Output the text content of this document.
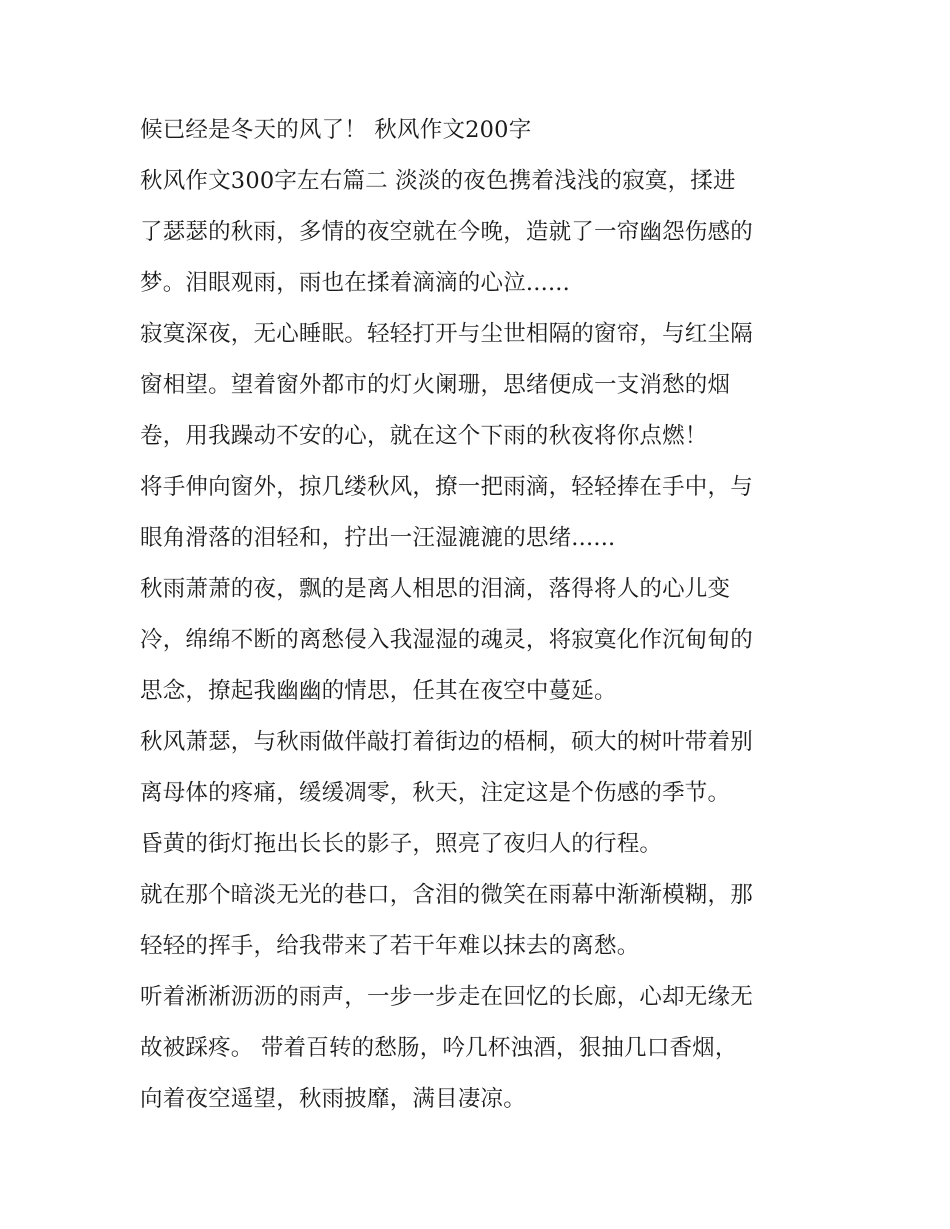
候已经是冬天的风了！ 秋风作文200字
秋风作文300字左右篇二 淡淡的夜色携着浅浅的寂寞，揉进
了瑟瑟的秋雨，多情的夜空就在今晚，造就了一帘幽怨伤感的
梦。泪眼观雨，雨也在揉着滴滴的心泣......
寂寞深夜，无心睡眠。轻轻打开与尘世相隔的窗帘，与红尘隔
窗相望。望着窗外都市的灯火阑珊，思绪便成一支消愁的烟
卷，用我躁动不安的心，就在这个下雨的秋夜将你点燃！
将手伸向窗外，掠几缕秋风，撩一把雨滴，轻轻捧在手中，与
眼角滑落的泪轻和，拧出一汪湿漉漉的思绪......
秋雨萧萧的夜，飘的是离人相思的泪滴，落得将人的心儿变
冷，绵绵不断的离愁侵入我湿湿的魂灵，将寂寞化作沉甸甸的
思念，撩起我幽幽的情思，任其在夜空中蔓延。
秋风萧瑟，与秋雨做伴敲打着街边的梧桐，硕大的树叶带着别
离母体的疼痛，缓缓凋零，秋天，注定这是个伤感的季节。
昏黄的街灯拖出长长的影子，照亮了夜归人的行程。
就在那个暗淡无光的巷口，含泪的微笑在雨幕中渐渐模糊，那
轻轻的挥手，给我带来了若干年难以抹去的离愁。
听着淅淅沥沥的雨声，一步一步走在回忆的长廊，心却无缘无
故被踩疼。 带着百转的愁肠，吟几杯浊酒，狠抽几口香烟，
向着夜空遥望，秋雨披靡，满目凄凉。
